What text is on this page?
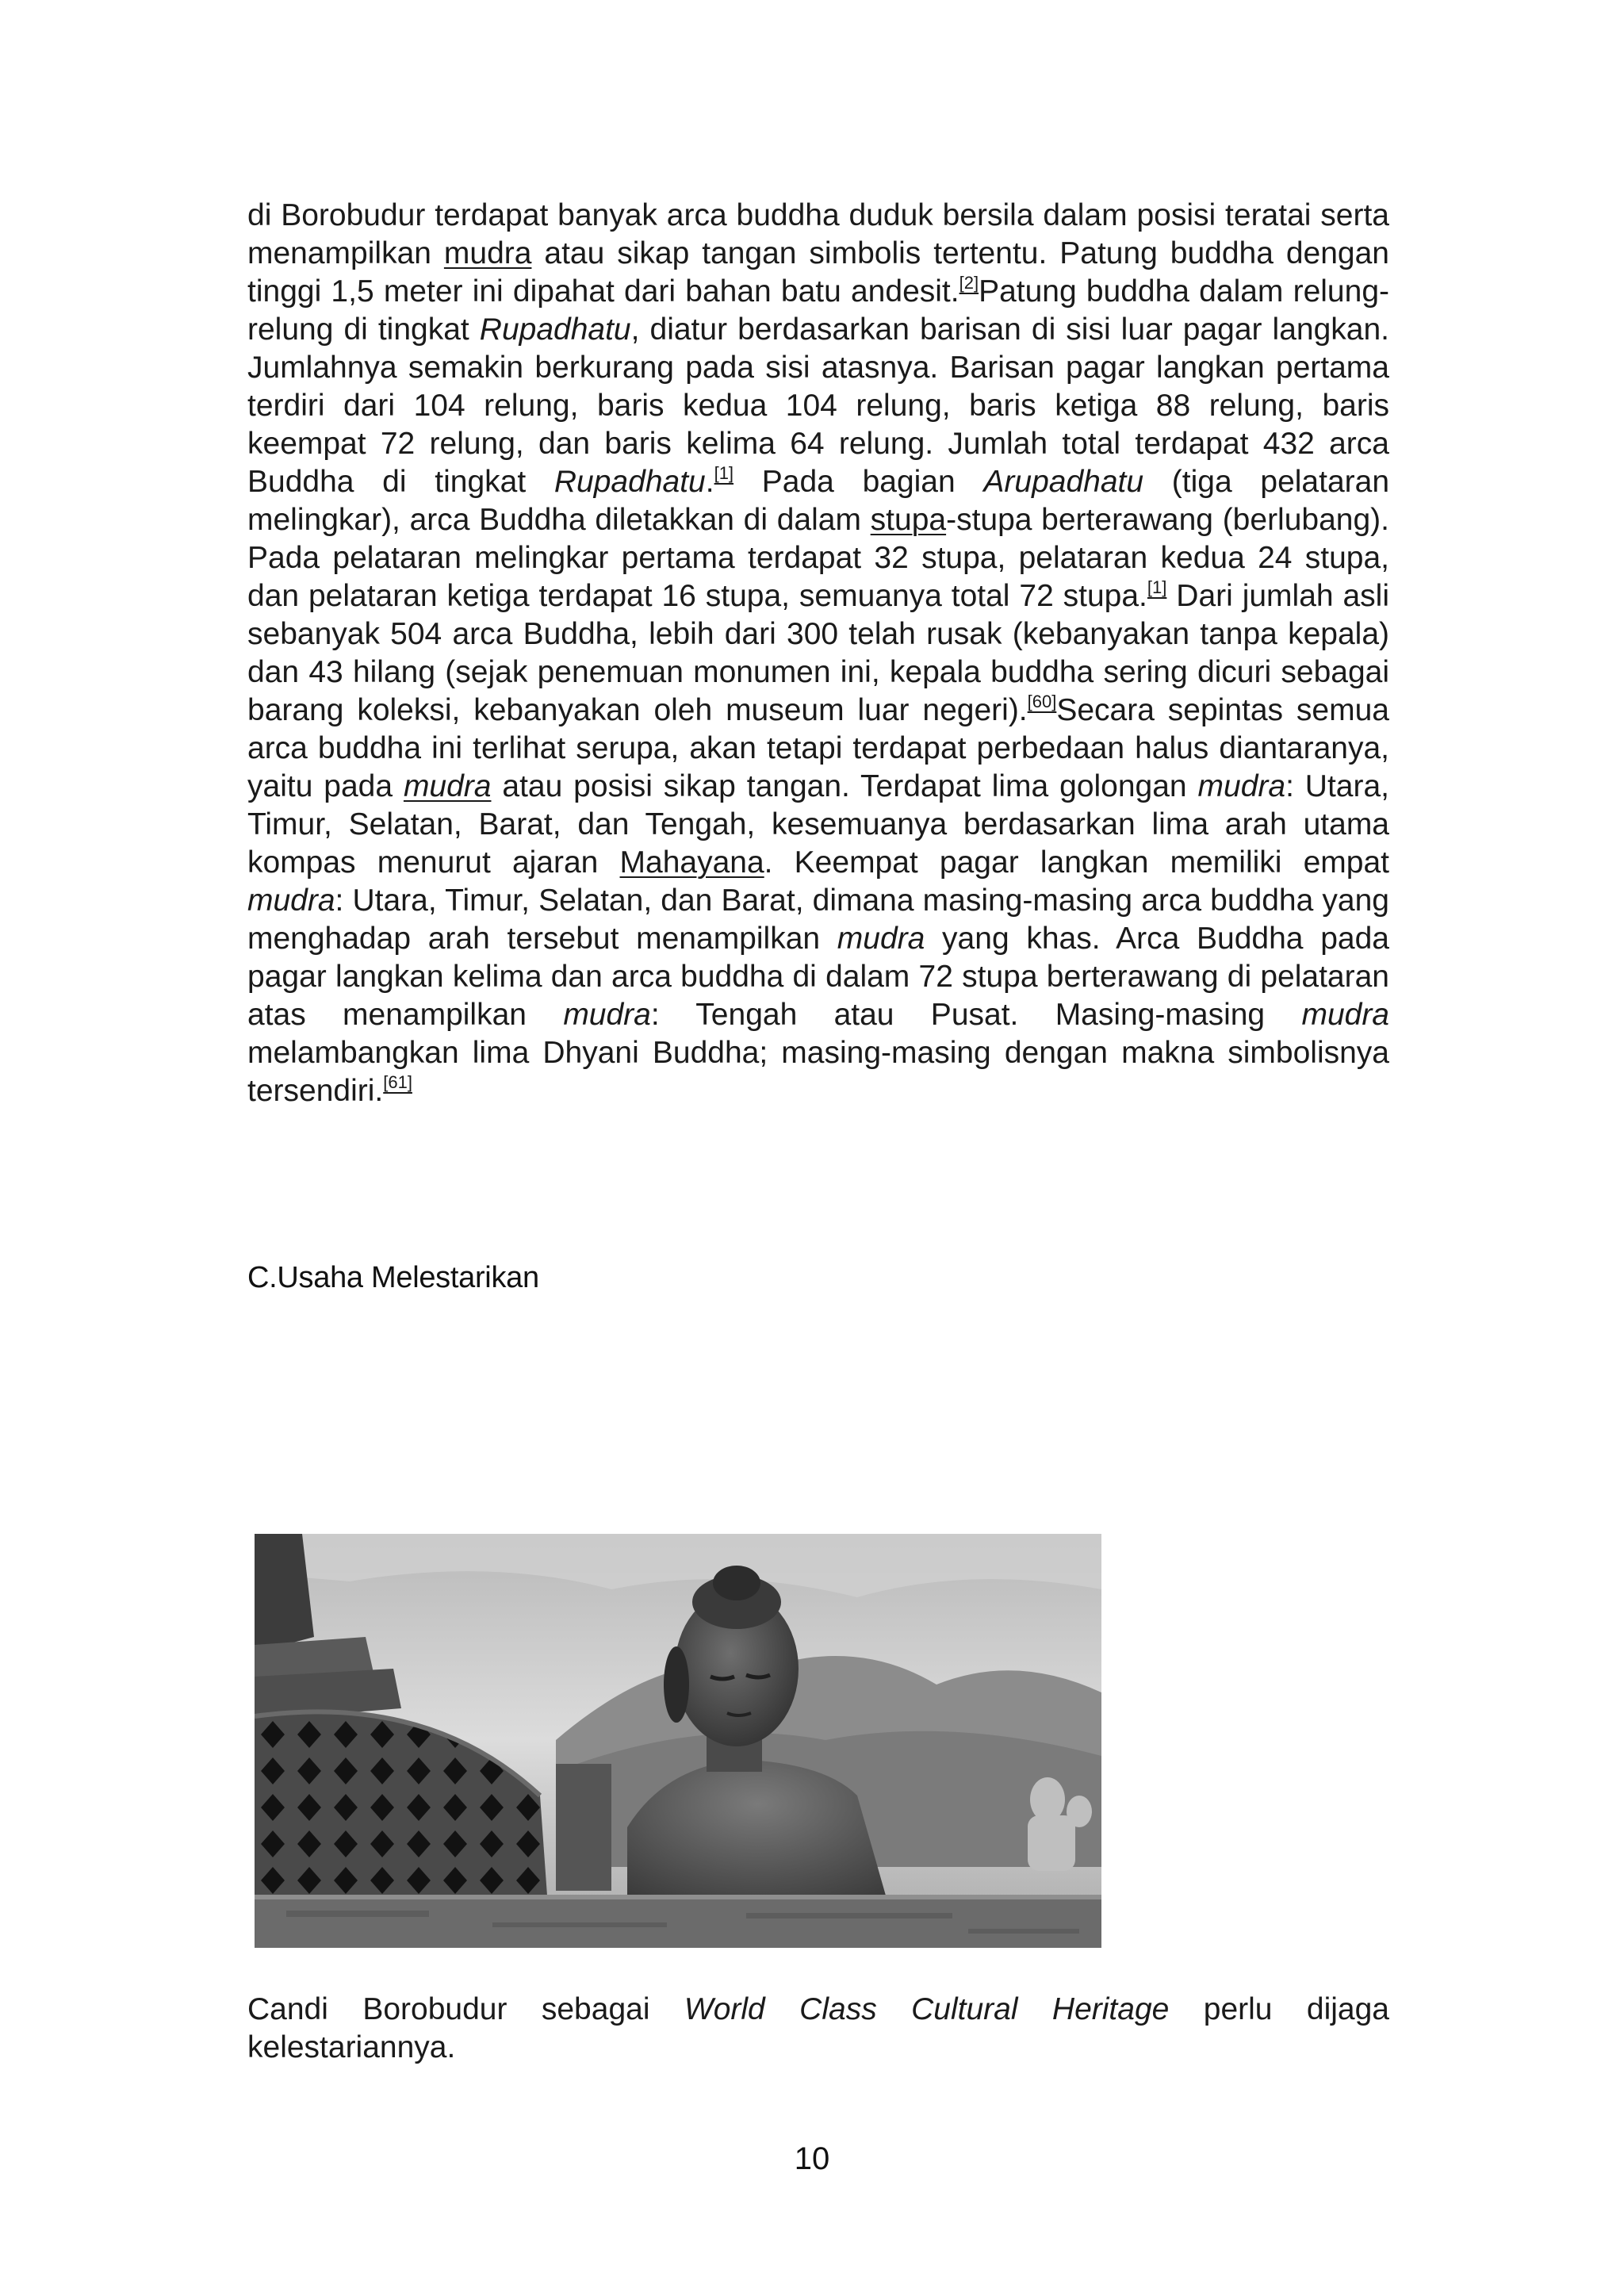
di Borobudur terdapat banyak arca buddha duduk bersila dalam posisi teratai serta menampilkan mudra atau sikap tangan simbolis tertentu. Patung buddha dengan tinggi 1,5 meter ini dipahat dari bahan batu andesit.[2]Patung buddha dalam relung-relung di tingkat Rupadhatu, diatur berdasarkan barisan di sisi luar pagar langkan. Jumlahnya semakin berkurang pada sisi atasnya. Barisan pagar langkan pertama terdiri dari 104 relung, baris kedua 104 relung, baris ketiga 88 relung, baris keempat 72 relung, dan baris kelima 64 relung. Jumlah total terdapat 432 arca Buddha di tingkat Rupadhatu.[1] Pada bagian Arupadhatu (tiga pelataran melingkar), arca Buddha diletakkan di dalam stupa-stupa berterawang (berlubang). Pada pelataran melingkar pertama terdapat 32 stupa, pelataran kedua 24 stupa, dan pelataran ketiga terdapat 16 stupa, semuanya total 72 stupa.[1] Dari jumlah asli sebanyak 504 arca Buddha, lebih dari 300 telah rusak (kebanyakan tanpa kepala) dan 43 hilang (sejak penemuan monumen ini, kepala buddha sering dicuri sebagai barang koleksi, kebanyakan oleh museum luar negeri).[60]Secara sepintas semua arca buddha ini terlihat serupa, akan tetapi terdapat perbedaan halus diantaranya, yaitu pada mudra atau posisi sikap tangan. Terdapat lima golongan mudra: Utara, Timur, Selatan, Barat, dan Tengah, kesemuanya berdasarkan lima arah utama kompas menurut ajaran Mahayana. Keempat pagar langkan memiliki empat mudra: Utara, Timur, Selatan, dan Barat, dimana masing-masing arca buddha yang menghadap arah tersebut menampilkan mudra yang khas. Arca Buddha pada pagar langkan kelima dan arca buddha di dalam 72 stupa berterawang di pelataran atas menampilkan mudra: Tengah atau Pusat. Masing-masing mudra melambangkan lima Dhyani Buddha; masing-masing dengan makna simbolisnya tersendiri.[61]

C.Usaha Melestarikan

Candi Borobudur sebagai World Class Cultural Heritage perlu dijaga kelestariannya.

10
